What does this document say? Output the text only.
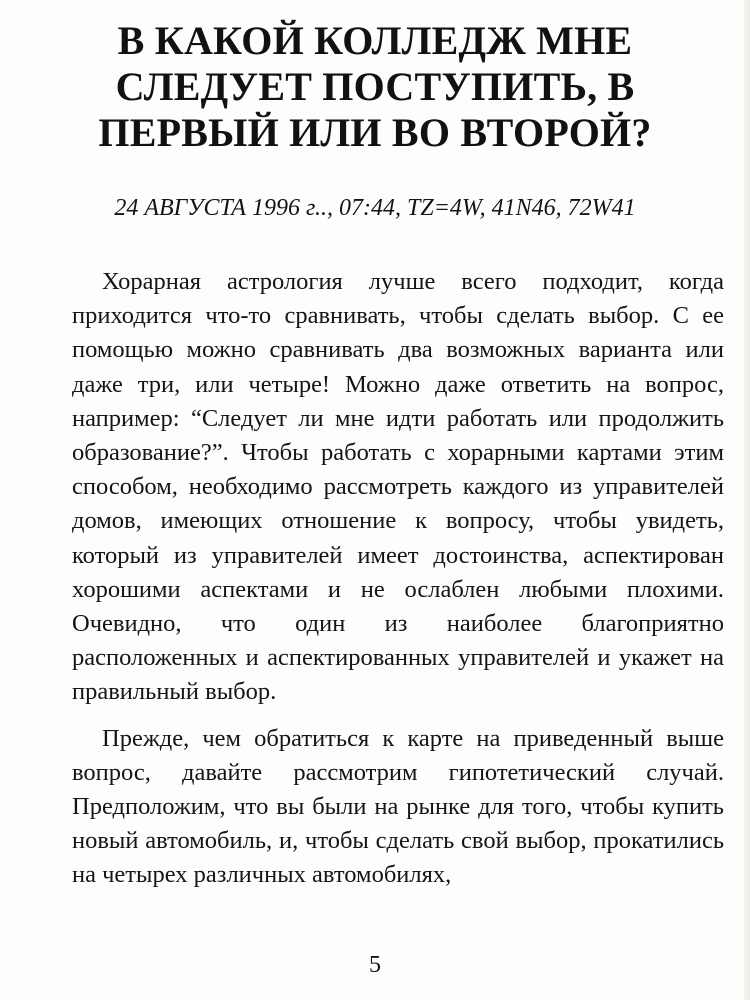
В КАКОЙ КОЛЛЕДЖ МНЕ СЛЕДУЕТ ПОСТУПИТЬ, В ПЕРВЫЙ ИЛИ ВО ВТОРОЙ?

24 АВГУСТА 1996 г.., 07:44, TZ=4W, 41N46, 72W41

Хорарная астрология лучше всего подходит, когда приходится что-то сравнивать, чтобы сделать выбор. С ее помощью можно сравнивать два возможных варианта или даже три, или четыре! Можно даже ответить на вопрос, например: “Следует ли мне идти работать или продолжить образование?”. Чтобы работать с хорарными картами этим способом, необходимо рассмотреть каждого из управителей домов, имеющих отношение к вопросу, чтобы увидеть, который из управителей имеет достоинства, аспектирован хорошими аспектами и не ослаблен любыми плохими. Очевидно, что один из наиболее благоприятно расположенных и аспектированных управителей и укажет на правильный выбор.

Прежде, чем обратиться к карте на приведенный выше вопрос, давайте рассмотрим гипотетический случай. Предположим, что вы были на рынке для того, чтобы купить новый автомобиль, и, чтобы сделать свой выбор, прокатились на четырех различных автомобилях,

5
